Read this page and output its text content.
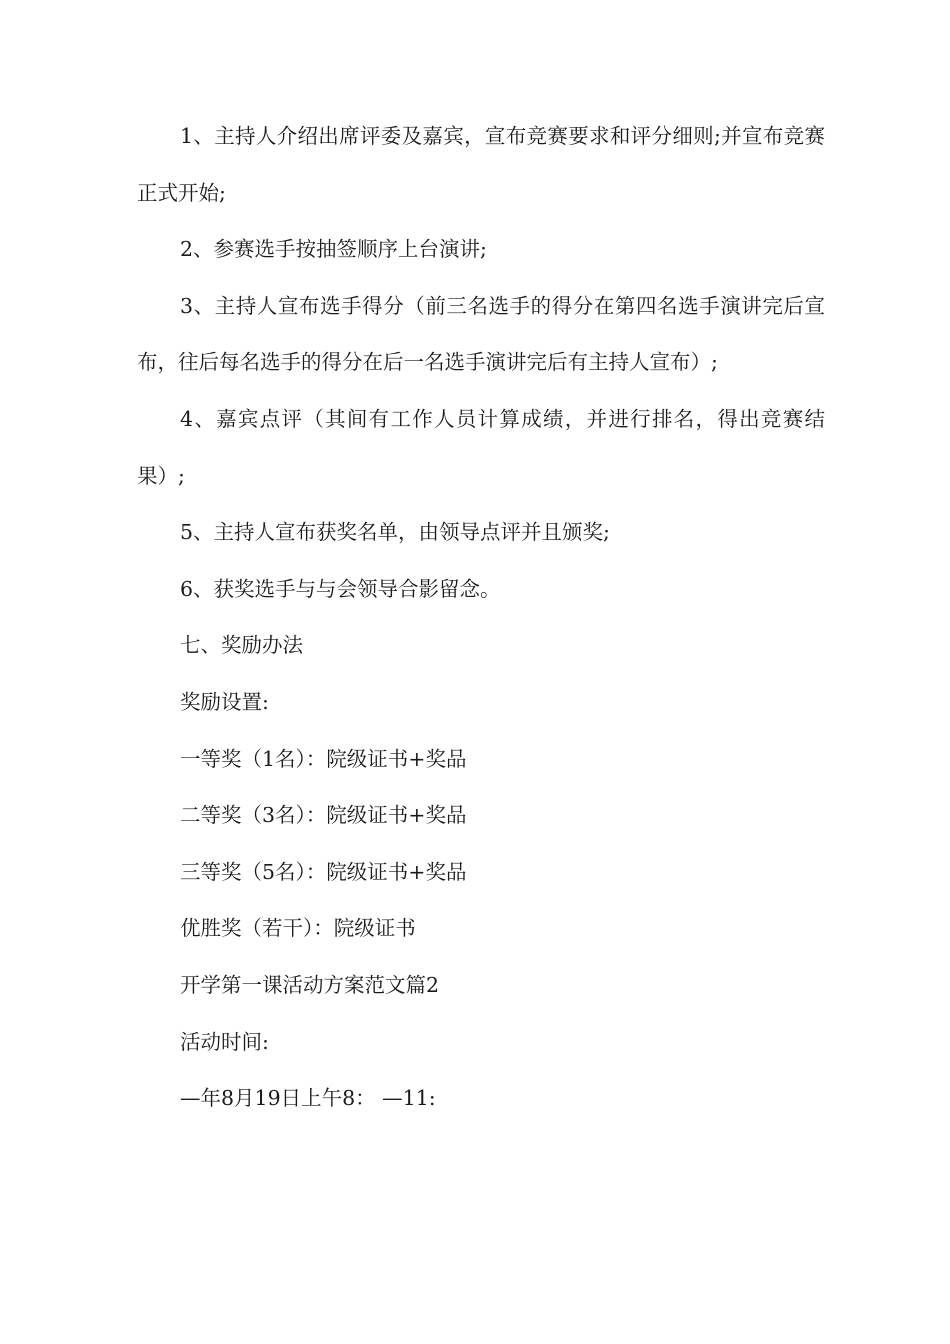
1、主持人介绍出席评委及嘉宾，宣布竞赛要求和评分细则;并宣布竞赛正式开始;

2、参赛选手按抽签顺序上台演讲;

3、主持人宣布选手得分（前三名选手的得分在第四名选手演讲完后宣布，往后每名选手的得分在后一名选手演讲完后有主持人宣布）;

4、嘉宾点评（其间有工作人员计算成绩，并进行排名，得出竞赛结果）;

5、主持人宣布获奖名单，由领导点评并且颁奖;

6、获奖选手与与会领导合影留念。

七、奖励办法

奖励设置:

一等奖（1名）：院级证书+奖品

二等奖（3名）：院级证书+奖品

三等奖（5名）：院级证书+奖品

优胜奖（若干）：院级证书

开学第一课活动方案范文篇2

活动时间:

—年8月19日上午8： —11:
